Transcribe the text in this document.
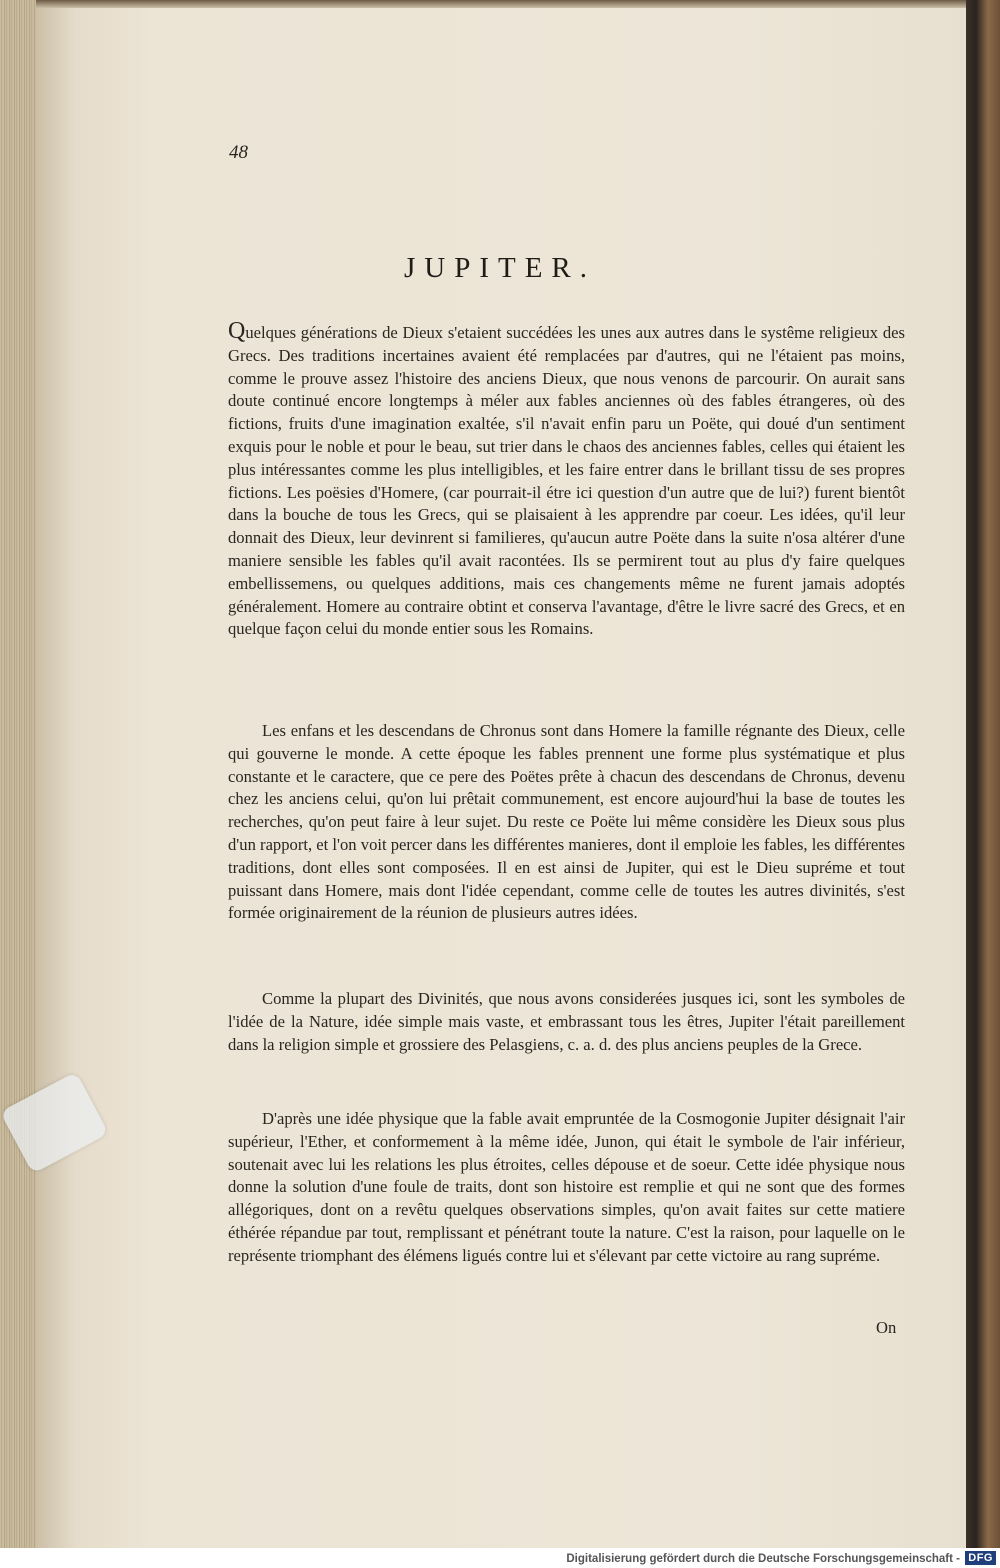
48
JUPITER.

Quelques générations de Dieux s'etaient succédées les unes aux autres dans le systême religieux des Grecs. Des traditions incertaines avaient été remplacées par d'autres, qui ne l'étaient pas moins, comme le prouve assez l'histoire des anciens Dieux, que nous venons de parcourir. On aurait sans doute continué encore longtemps à méler aux fables anciennes où des fables étrangeres, où des fictions, fruits d'une imagination exaltée, s'il n'avait enfin paru un Poëte, qui doué d'un sentiment exquis pour le noble et pour le beau, sut trier dans le chaos des anciennes fables, celles qui étaient les plus intéressantes comme les plus intelligibles, et les faire entrer dans le brillant tissu de ses propres fictions. Les poësies d'Homere, (car pourrait-il étre ici question d'un autre que de lui?) furent bientôt dans la bouche de tous les Grecs, qui se plaisaient à les apprendre par coeur. Les idées, qu'il leur donnait des Dieux, leur devinrent si familieres, qu'aucun autre Poëte dans la suite n'osa altérer d'une maniere sensible les fables qu'il avait racontées. Ils se permirent tout au plus d'y faire quelques embellissemens, ou quelques additions, mais ces changements même ne furent jamais adoptés généralement. Homere au contraire obtint et conserva l'avantage, d'être le livre sacré des Grecs, et en quelque façon celui du monde entier sous les Romains.

Les enfans et les descendans de Chronus sont dans Homere la famille régnante des Dieux, celle qui gouverne le monde. A cette époque les fables prennent une forme plus systématique et plus constante et le caractere, que ce pere des Poëtes prête à chacun des descendans de Chronus, devenu chez les anciens celui, qu'on lui prêtait communement, est encore aujourd'hui la base de toutes les recherches, qu'on peut faire à leur sujet. Du reste ce Poëte lui même considère les Dieux sous plus d'un rapport, et l'on voit percer dans les différentes manieres, dont il emploie les fables, les différentes traditions, dont elles sont composées. Il en est ainsi de Jupiter, qui est le Dieu supréme et tout puissant dans Homere, mais dont l'idée cependant, comme celle de toutes les autres divinités, s'est formée originairement de la réunion de plusieurs autres idées.

Comme la plupart des Divinités, que nous avons considerées jusques ici, sont les symboles de l'idée de la Nature, idée simple mais vaste, et embrassant tous les êtres, Jupiter l'était pareillement dans la religion simple et grossiere des Pelasgiens, c. a. d. des plus anciens peuples de la Grece.

D'après une idée physique que la fable avait empruntée de la Cosmogonie Jupiter désignait l'air supérieur, l'Ether, et conformement à la même idée, Junon, qui était le symbole de l'air inférieur, soutenait avec lui les relations les plus étroites, celles dépouse et de soeur. Cette idée physique nous donne la solution d'une foule de traits, dont son histoire est remplie et qui ne sont que des formes allégoriques, dont on a revêtu quelques observations simples, qu'on avait faites sur cette matiere éthérée répandue par tout, remplissant et pénétrant toute la nature. C'est la raison, pour laquelle on le représente triomphant des élémens ligués contre lui et s'élevant par cette victoire au rang supréme.

On
Digitalisierung gefördert durch die Deutsche Forschungsgemeinschaft - DFG
